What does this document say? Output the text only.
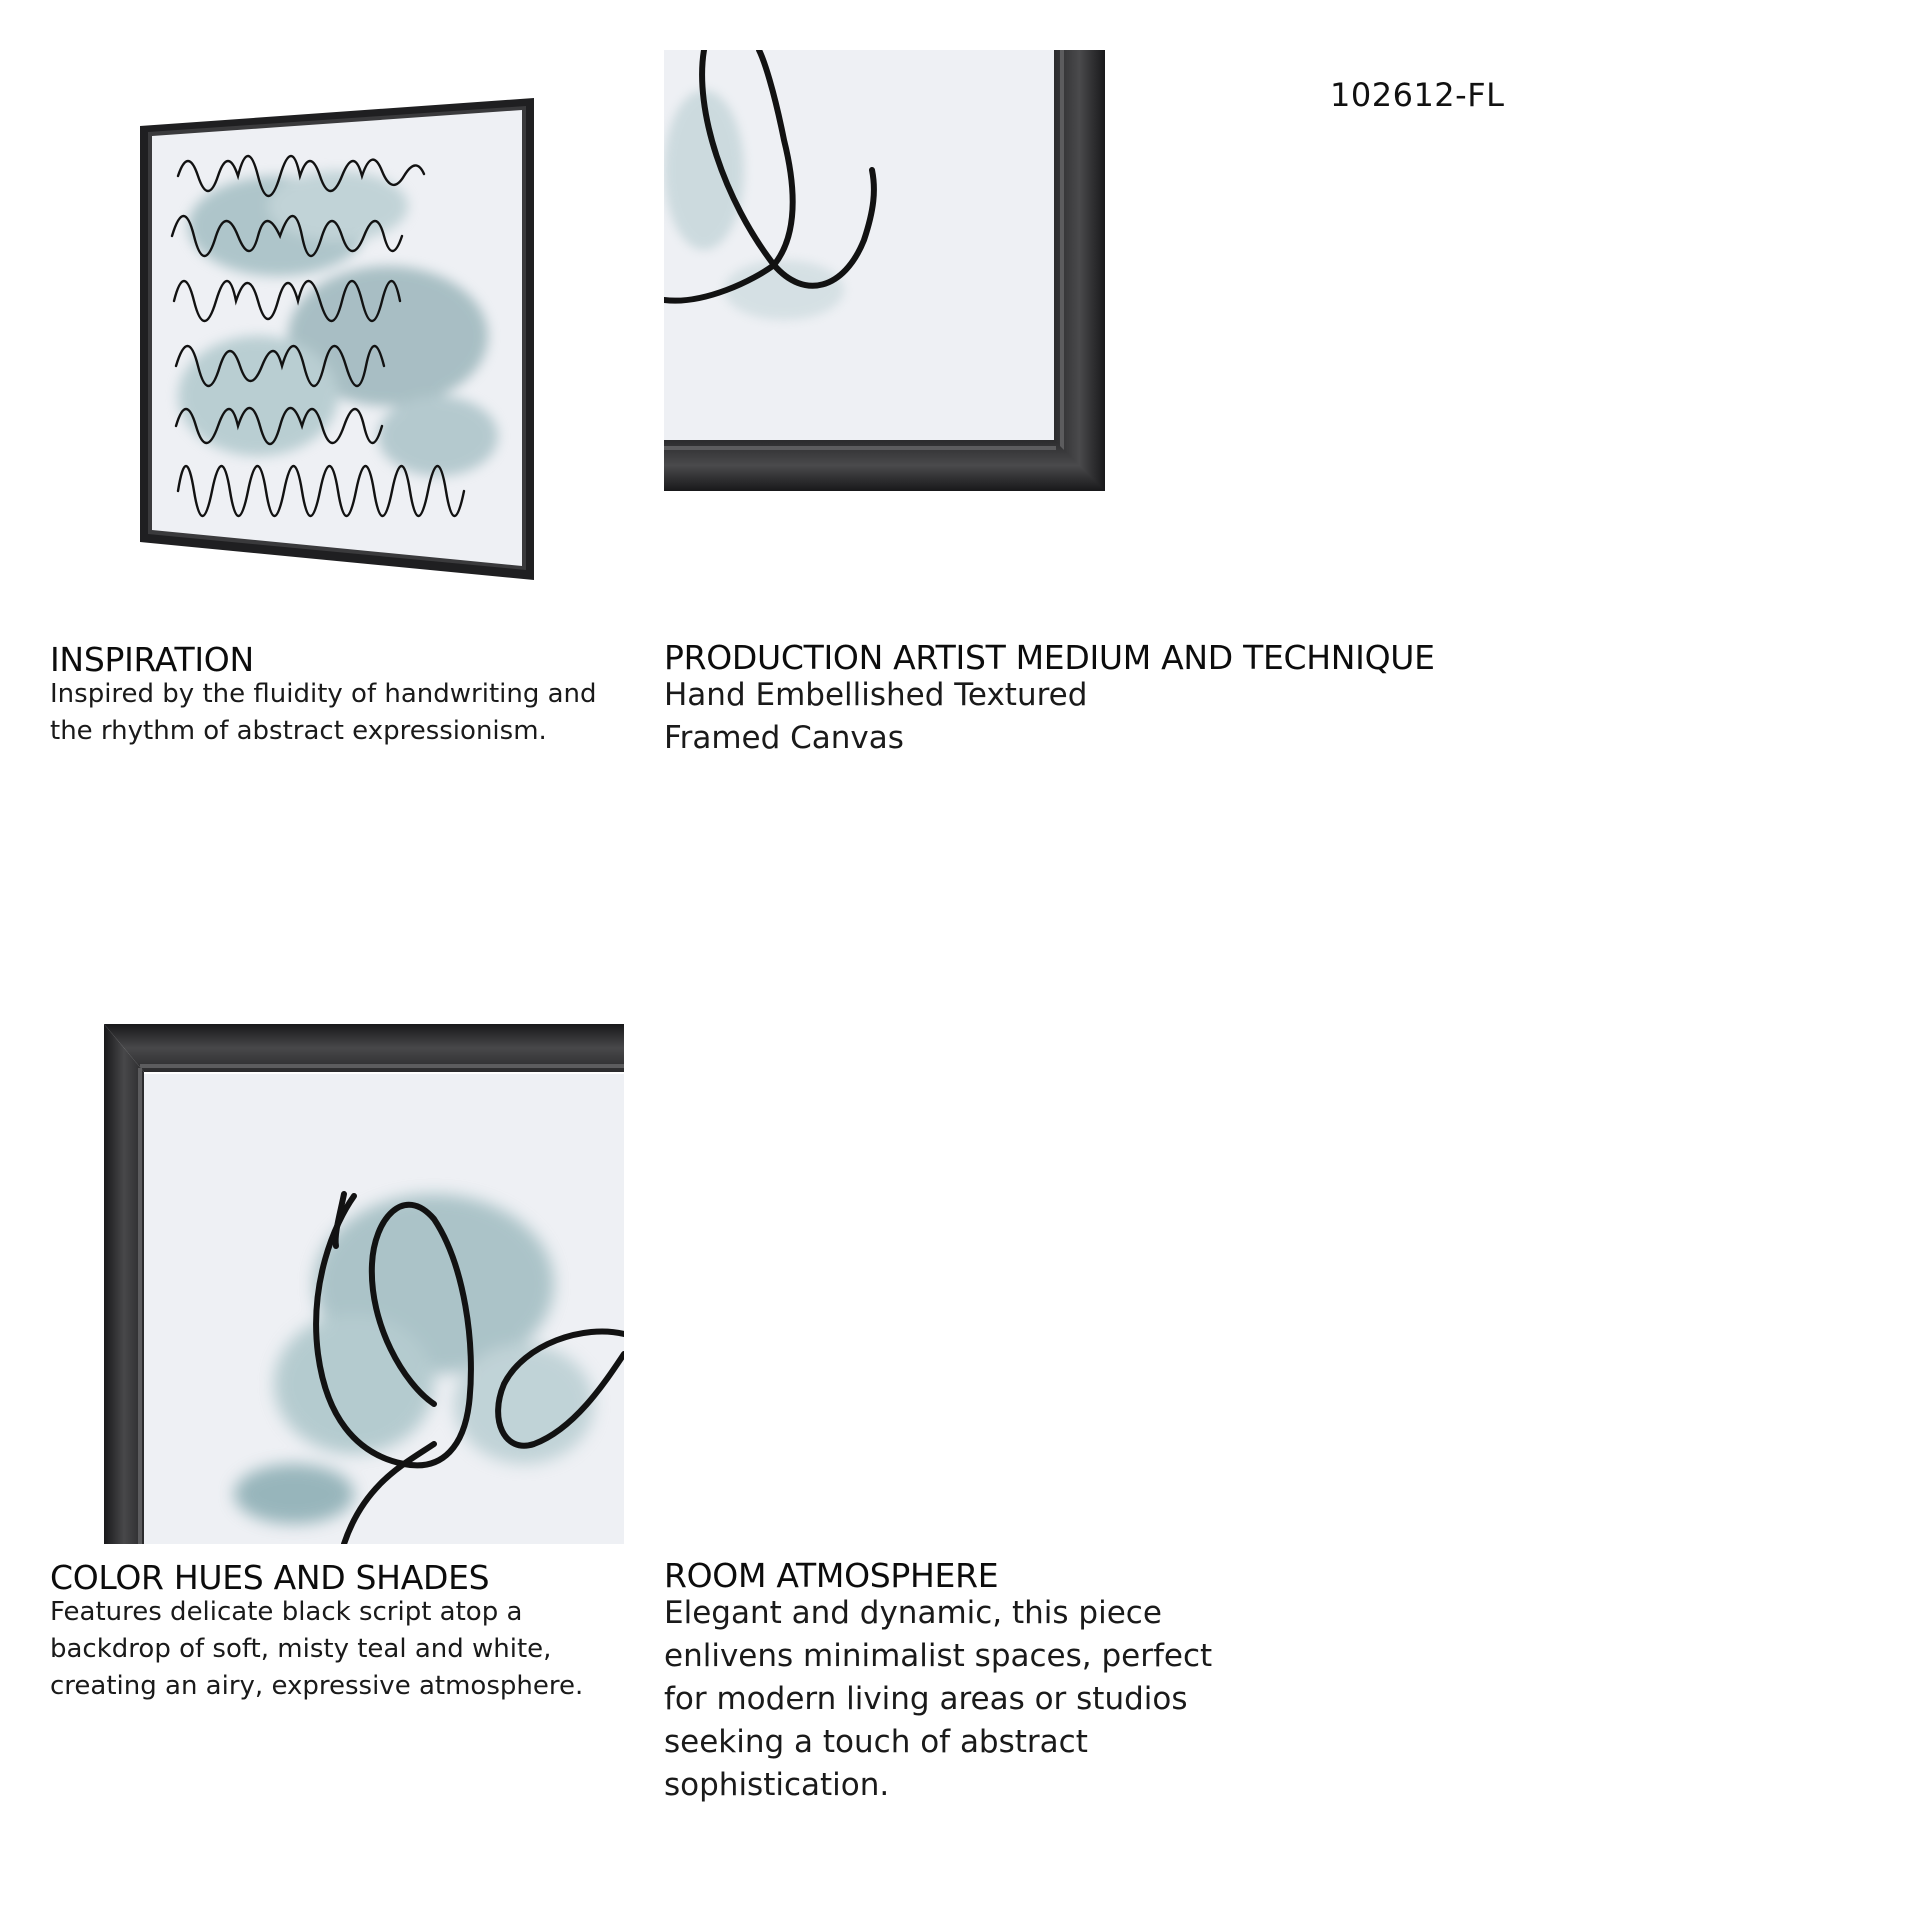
102612-FL
INSPIRATION

Inspired by the fluidity of handwriting and the rhythm of abstract expressionism.

PRODUCTION ARTIST MEDIUM AND TECHNIQUE

Hand Embellished Textured Framed Canvas

COLOR HUES AND SHADES

Features delicate black script atop a backdrop of soft, misty teal and white, creating an airy, expressive atmosphere.

ROOM ATMOSPHERE

Elegant and dynamic, this piece enlivens minimalist spaces, perfect for modern living areas or studios seeking a touch of abstract sophistication.
